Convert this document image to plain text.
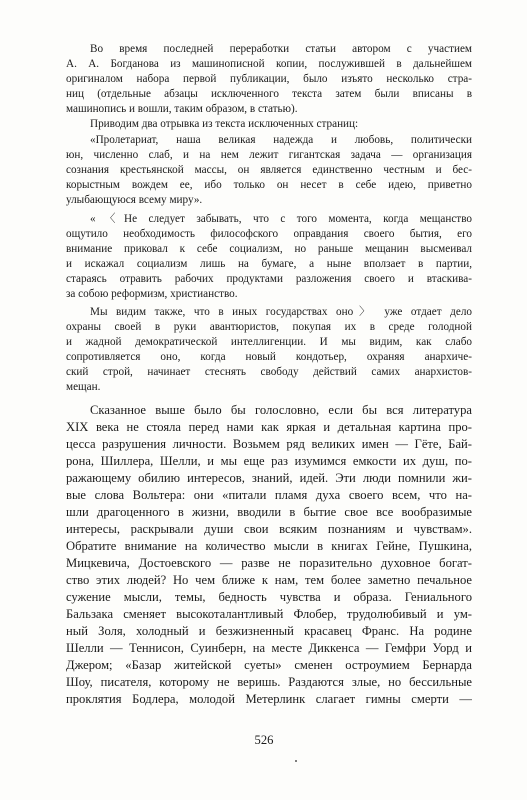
Во время последней переработки статьи автором с участием
А. А. Богданова из машинописной копии, послужившей в дальнейшем
оригиналом набора первой публикации, было изъято несколько стра-
ниц (отдельные абзацы исключенного текста затем были вписаны в
машинопись и вошли, таким образом, в статью).
Приводим два отрывка из текста исключенных страниц:
«Пролетариат, наша великая надежда и любовь, политически
юн, численно слаб, и на нем лежит гигантская задача — организация
сознания крестьянской массы, он является единственно честным и бес-
корыстным вождем ее, ибо только он несет в себе идею, приветно
улыбающуюся всему миру».
«〈Не следует забывать, что с того момента, когда мещанство
ощутило необходимость философского оправдания своего бытия, его
внимание приковал к себе социализм, но раньше мещанин высмеивал
и искажал социализм лишь на бумаге, а ныне вползает в партии,
стараясь отравить рабочих продуктами разложения своего и втаскива-
за собою реформизм, христианство.
Мы видим также, что в иных государствах оно〉 уже отдает дело
охраны своей в руки авантюристов, покупая их в среде голодной
и жадной демократической интеллигенции. И мы видим, как слабо
сопротивляется оно, когда новый кондотьер, охраняя анархиче-
ский строй, начинает стеснять свободу действий самих анархистов-
мещан.
Сказанное выше было бы голословно, если бы вся литература
XIX века не стояла перед нами как яркая и детальная картина про-
цесса разрушения личности. Возьмем ряд великих имен — Гёте, Бай-
рона, Шиллера, Шелли, и мы еще раз изумимся емкости их душ, по-
ражающему обилию интересов, знаний, идей. Эти люди помнили жи-
вые слова Вольтера: они «питали пламя духа своего всем, что на-
шли драгоценного в жизни, вводили в бытие свое все вообразимые
интересы, раскрывали души свои всяким познаниям и чувствам».
Обратите внимание на количество мысли в книгах Гейне, Пушкина,
Мицкевича, Достоевского — разве не поразительно духовное богат-
ство этих людей? Но чем ближе к нам, тем более заметно печальное
сужение мысли, темы, бедность чувства и образа. Гениального
Бальзака сменяет высокоталантливый Флобер, трудолюбивый и ум-
ный Золя, холодный и безжизненный красавец Франс. На родине
Шелли — Теннисон, Суинберн, на месте Диккенса — Гемфри Уорд и
Джером; «Базар житейской суеты» сменен остроумием Бернарда
Шоу, писателя, которому не веришь. Раздаются злые, но бессильные
проклятия Бодлера, молодой Метерлинк слагает гимны смерти —
526
